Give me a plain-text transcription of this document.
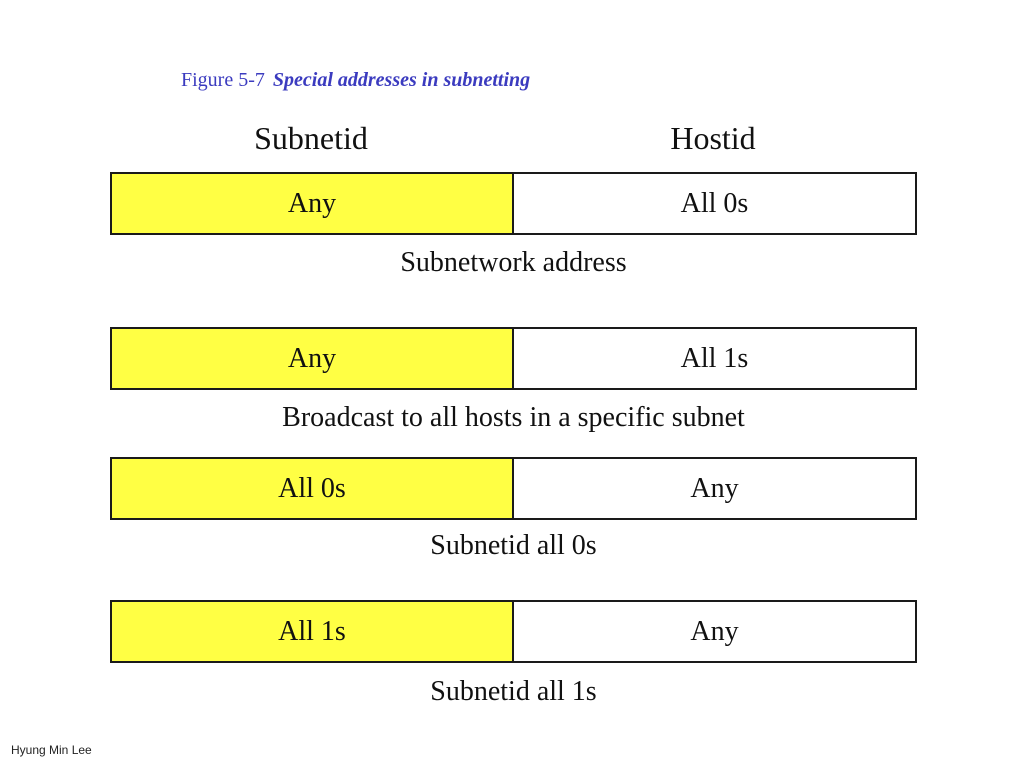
Figure 5-7 Special addresses in subnetting
Subnetid	Hostid
Any	All 0s
Subnetwork address
Any	All 1s
Broadcast to all hosts in a specific subnet
All 0s	Any
Subnetid all 0s
All 1s	Any
Subnetid all 1s
Hyung Min Lee
